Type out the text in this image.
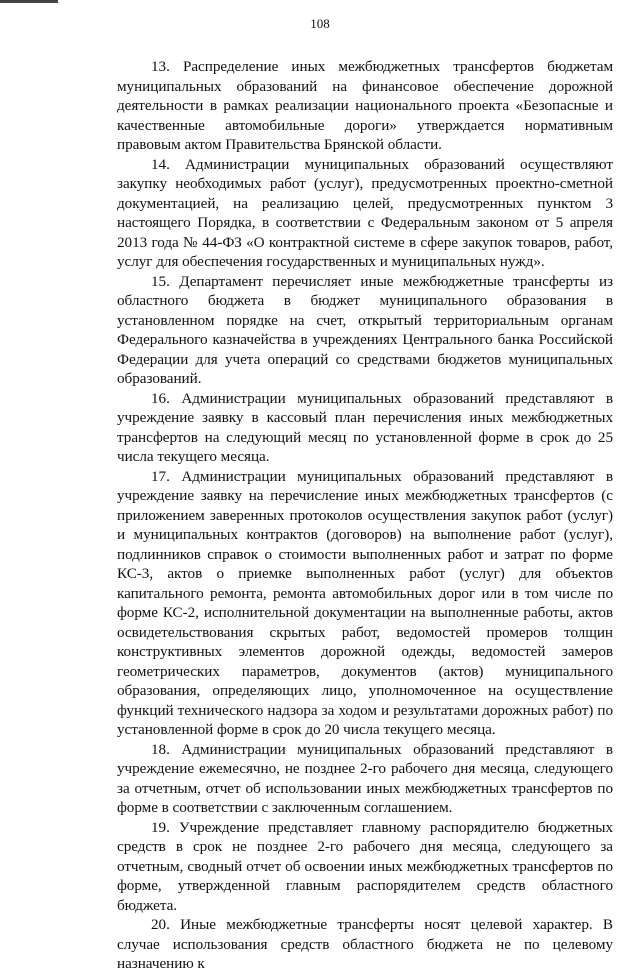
108

13. Распределение иных межбюджетных трансфертов бюджетам муниципальных образований на финансовое обеспечение дорожной деятельности в рамках реализации национального проекта «Безопасные и качественные автомобильные дороги» утверждается нормативным правовым актом Правительства Брянской области.

14. Администрации муниципальных образований осуществляют закупку необходимых работ (услуг), предусмотренных проектно-сметной документацией, на реализацию целей, предусмотренных пунктом 3 настоящего Порядка, в соответствии с Федеральным законом от 5 апреля 2013 года № 44-ФЗ «О контрактной системе в сфере закупок товаров, работ, услуг для обеспечения государственных и муниципальных нужд».

15. Департамент перечисляет иные межбюджетные трансферты из областного бюджета в бюджет муниципального образования в установленном порядке на счет, открытый территориальным органам Федерального казначейства в учреждениях Центрального банка Российской Федерации для учета операций со средствами бюджетов муниципальных образований.

16. Администрации муниципальных образований представляют в учреждение заявку в кассовый план перечисления иных межбюджетных трансфертов на следующий месяц по установленной форме в срок до 25 числа текущего месяца.

17. Администрации муниципальных образований представляют в учреждение заявку на перечисление иных межбюджетных трансфертов (с приложением заверенных протоколов осуществления закупок работ (услуг) и муниципальных контрактов (договоров) на выполнение работ (услуг), подлинников справок о стоимости выполненных работ и затрат по форме КС-3, актов о приемке выполненных работ (услуг) для объектов капитального ремонта, ремонта автомобильных дорог или в том числе по форме КС-2, исполнительной документации на выполненные работы, актов освидетельствования скрытых работ, ведомостей промеров толщин конструктивных элементов дорожной одежды, ведомостей замеров геометрических параметров, документов (актов) муниципального образования, определяющих лицо, уполномоченное на осуществление функций технического надзора за ходом и результатами дорожных работ) по установленной форме в срок до 20 числа текущего месяца.

18. Администрации муниципальных образований представляют в учреждение ежемесячно, не позднее 2-го рабочего дня месяца, следующего за отчетным, отчет об использовании иных межбюджетных трансфертов по форме в соответствии с заключенным соглашением.

19. Учреждение представляет главному распорядителю бюджетных средств в срок не позднее 2-го рабочего дня месяца, следующего за отчетным, сводный отчет об освоении иных межбюджетных трансфертов по форме, утвержденной главным распорядителем средств областного бюджета.

20. Иные межбюджетные трансферты носят целевой характер. В случае использования средств областного бюджета не по целевому назначению к
